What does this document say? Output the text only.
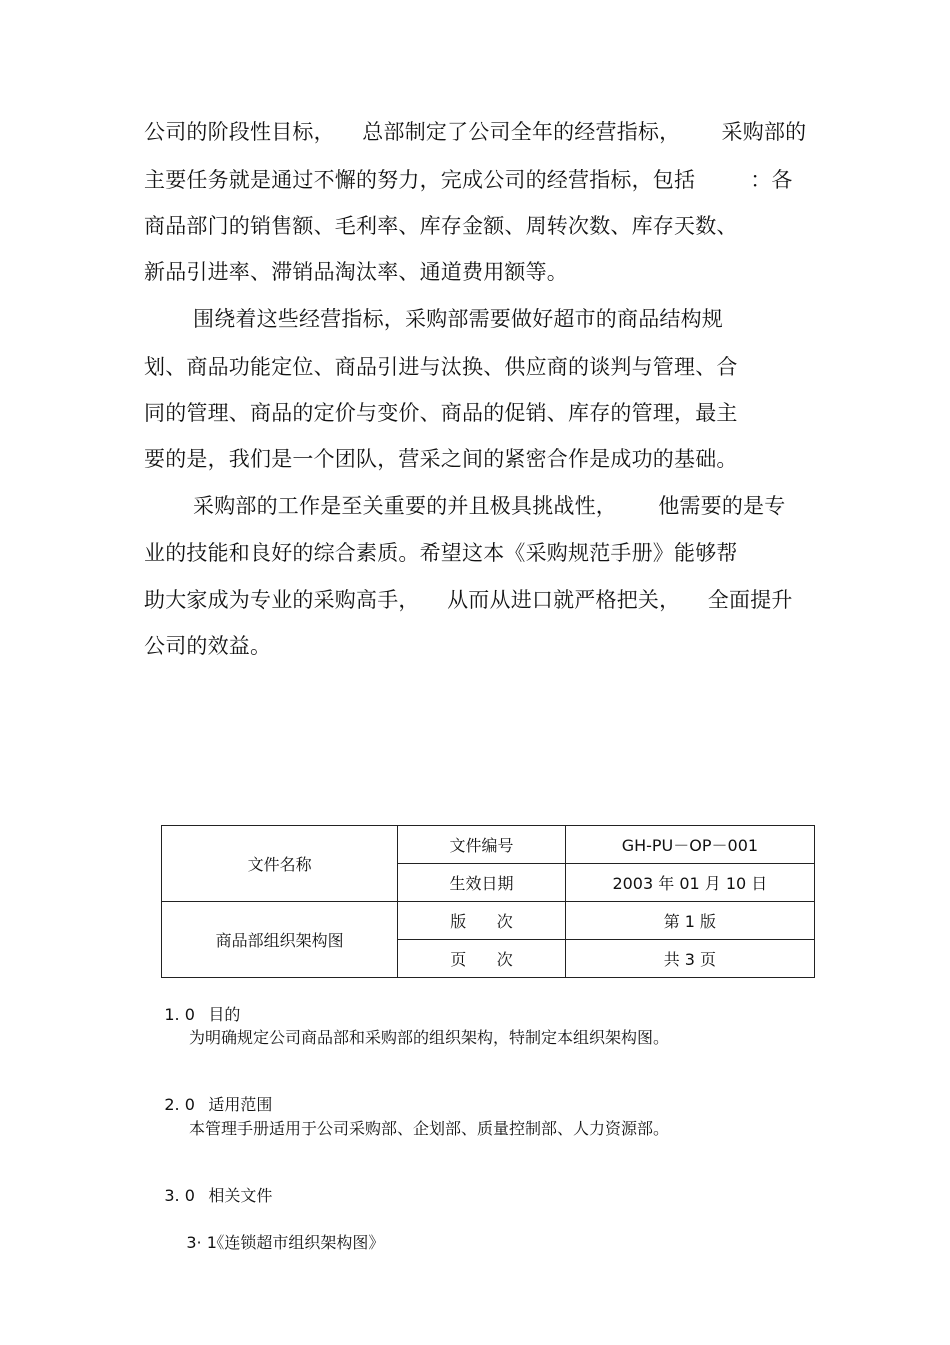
公司的阶段性目标，    总部制定了公司全年的经营指标，      采购部的
主要任务就是通过不懈的努力，完成公司的经营指标，包括        ：各
商品部门的销售额、毛利率、库存金额、周转次数、库存天数、
新品引进率、滞销品淘汰率、通道费用额等。
围绕着这些经营指标，采购部需要做好超市的商品结构规
划、商品功能定位、商品引进与汰换、供应商的谈判与管理、合
同的管理、商品的定价与变价、商品的促销、库存的管理，最主
要的是，我们是一个团队，营采之间的紧密合作是成功的基础。
采购部的工作是至关重要的并且极具挑战性，      他需要的是专
业的技能和良好的综合素质。希望这本《采购规范手册》能够帮
助大家成为专业的采购高手，    从而从进口就严格把关，    全面提升
公司的效益。
文件名称	文件编号	GH-PU－OP－001
	生效日期	2003 年 01 月 10 日
商品部组织架构图	版      次	第 1 版
	页      次	共 3 页

1. 0 目的

为明确规定公司商品部和采购部的组织架构，特制定本组织架构图。

2. 0 适用范围

本管理手册适用于公司采购部、企划部、质量控制部、人力资源部。

3. 0 相关文件

3· 1《连锁超市组织架构图》
